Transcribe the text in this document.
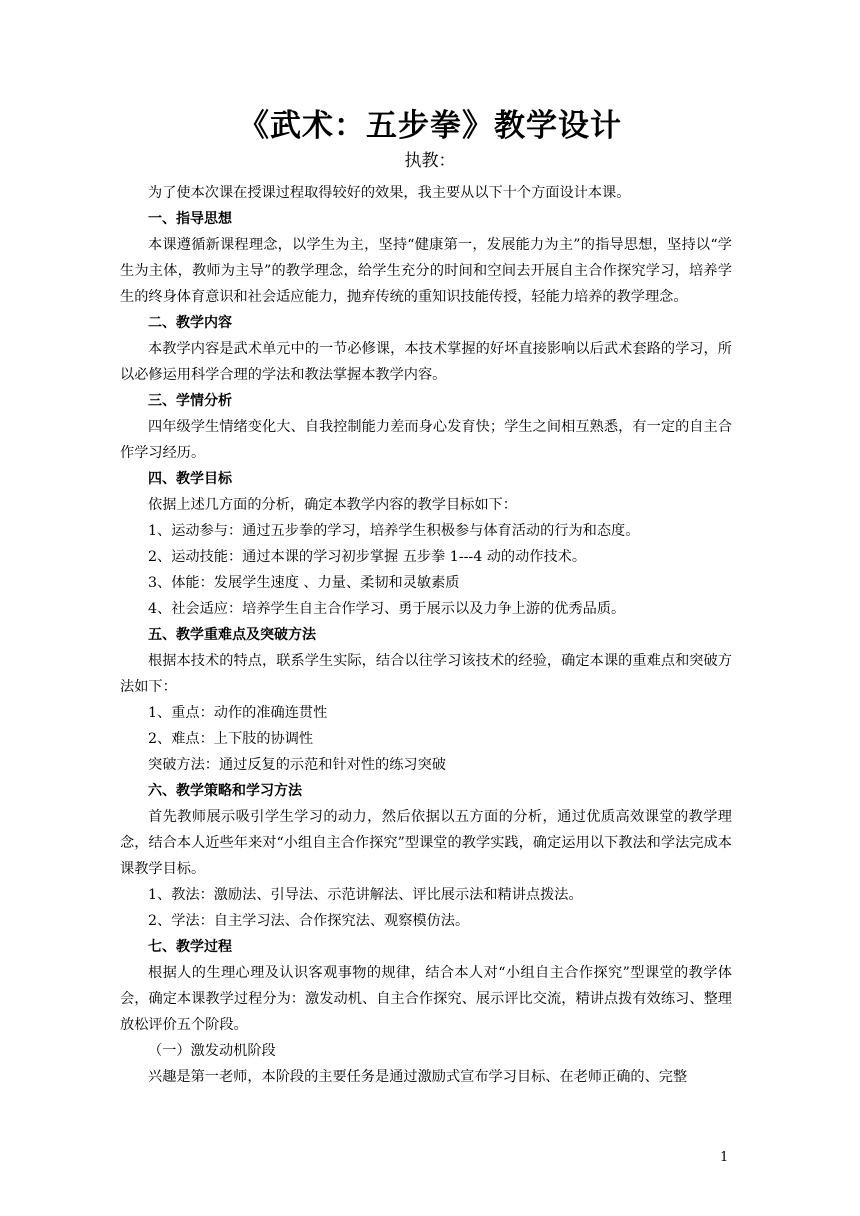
《武术：五步拳》教学设计
执教：

为了使本次课在授课过程取得较好的效果，我主要从以下十个方面设计本课。

一、指导思想

本课遵循新课程理念，以学生为主，坚持“健康第一，发展能力为主”的指导思想，坚持以“学生为主体，教师为主导”的教学理念，给学生充分的时间和空间去开展自主合作探究学习，培养学生的终身体育意识和社会适应能力，抛弃传统的重知识技能传授，轻能力培养的教学理念。

二、教学内容

本教学内容是武术单元中的一节必修课，本技术掌握的好坏直接影响以后武术套路的学习，所以必修运用科学合理的学法和教法掌握本教学内容。

三、学情分析

四年级学生情绪变化大、自我控制能力差而身心发育快；学生之间相互熟悉，有一定的自主合作学习经历。

四、教学目标

依据上述几方面的分析，确定本教学内容的教学目标如下：

1、运动参与：通过五步拳的学习，培养学生积极参与体育活动的行为和态度。

2、运动技能：通过本课的学习初步掌握 五步拳 1---4 动的动作技术。

3、体能：发展学生速度 、力量、柔韧和灵敏素质

4、社会适应：培养学生自主合作学习、勇于展示以及力争上游的优秀品质。

五、教学重难点及突破方法

根据本技术的特点，联系学生实际，结合以往学习该技术的经验，确定本课的重难点和突破方法如下：

1、重点：动作的准确连贯性

2、难点：上下肢的协调性

突破方法：通过反复的示范和针对性的练习突破

六、教学策略和学习方法

首先教师展示吸引学生学习的动力，然后依据以五方面的分析，通过优质高效课堂的教学理念，结合本人近些年来对“小组自主合作探究”型课堂的教学实践，确定运用以下教法和学法完成本课教学目标。

1、教法：激励法、引导法、示范讲解法、评比展示法和精讲点拨法。

2、学法：自主学习法、合作探究法、观察模仿法。

七、教学过程

根据人的生理心理及认识客观事物的规律，结合本人对“小组自主合作探究”型课堂的教学体会，确定本课教学过程分为：激发动机、自主合作探究、展示评比交流，精讲点拨有效练习、整理放松评价五个阶段。

（一）激发动机阶段

兴趣是第一老师，本阶段的主要任务是通过激励式宣布学习目标、在老师正确的、完整

1
